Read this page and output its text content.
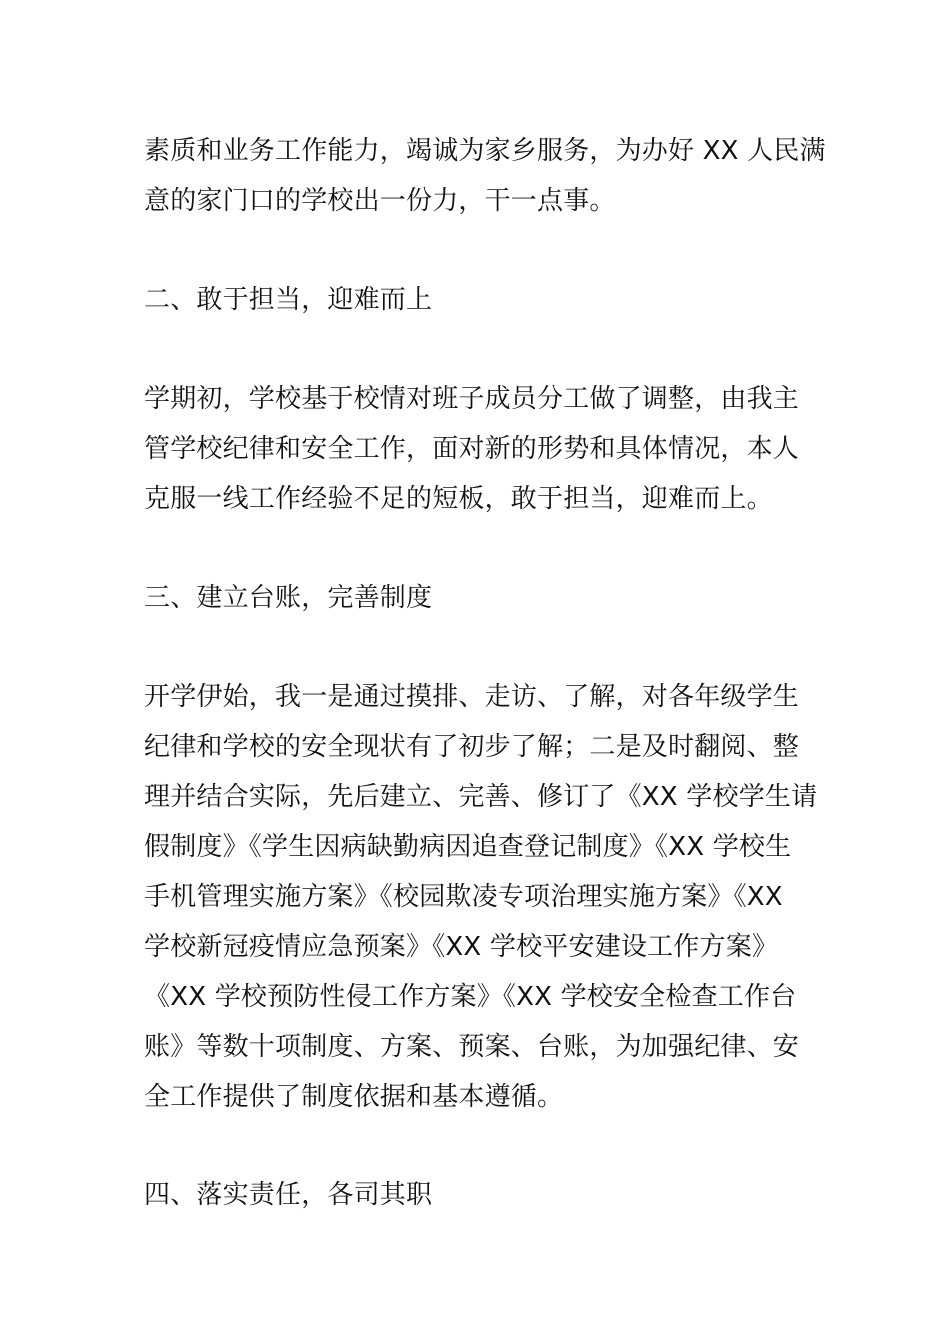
素质和业务工作能力，竭诚为家乡服务，为办好 XX 人民满
意的家门口的学校出一份力，干一点事。
二、敢于担当，迎难而上
学期初，学校基于校情对班子成员分工做了调整，由我主
管学校纪律和安全工作，面对新的形势和具体情况，本人
克服一线工作经验不足的短板，敢于担当，迎难而上。
三、建立台账，完善制度
开学伊始，我一是通过摸排、走访、了解，对各年级学生
纪律和学校的安全现状有了初步了解；二是及时翻阅、整
理并结合实际，先后建立、完善、修订了《XX 学校学生请
假制度》《学生因病缺勤病因追查登记制度》《XX 学校生
手机管理实施方案》《校园欺凌专项治理实施方案》《XX
学校新冠疫情应急预案》《XX 学校平安建设工作方案》
《XX 学校预防性侵工作方案》《XX 学校安全检查工作台
账》等数十项制度、方案、预案、台账，为加强纪律、安
全工作提供了制度依据和基本遵循。
四、落实责任，各司其职
